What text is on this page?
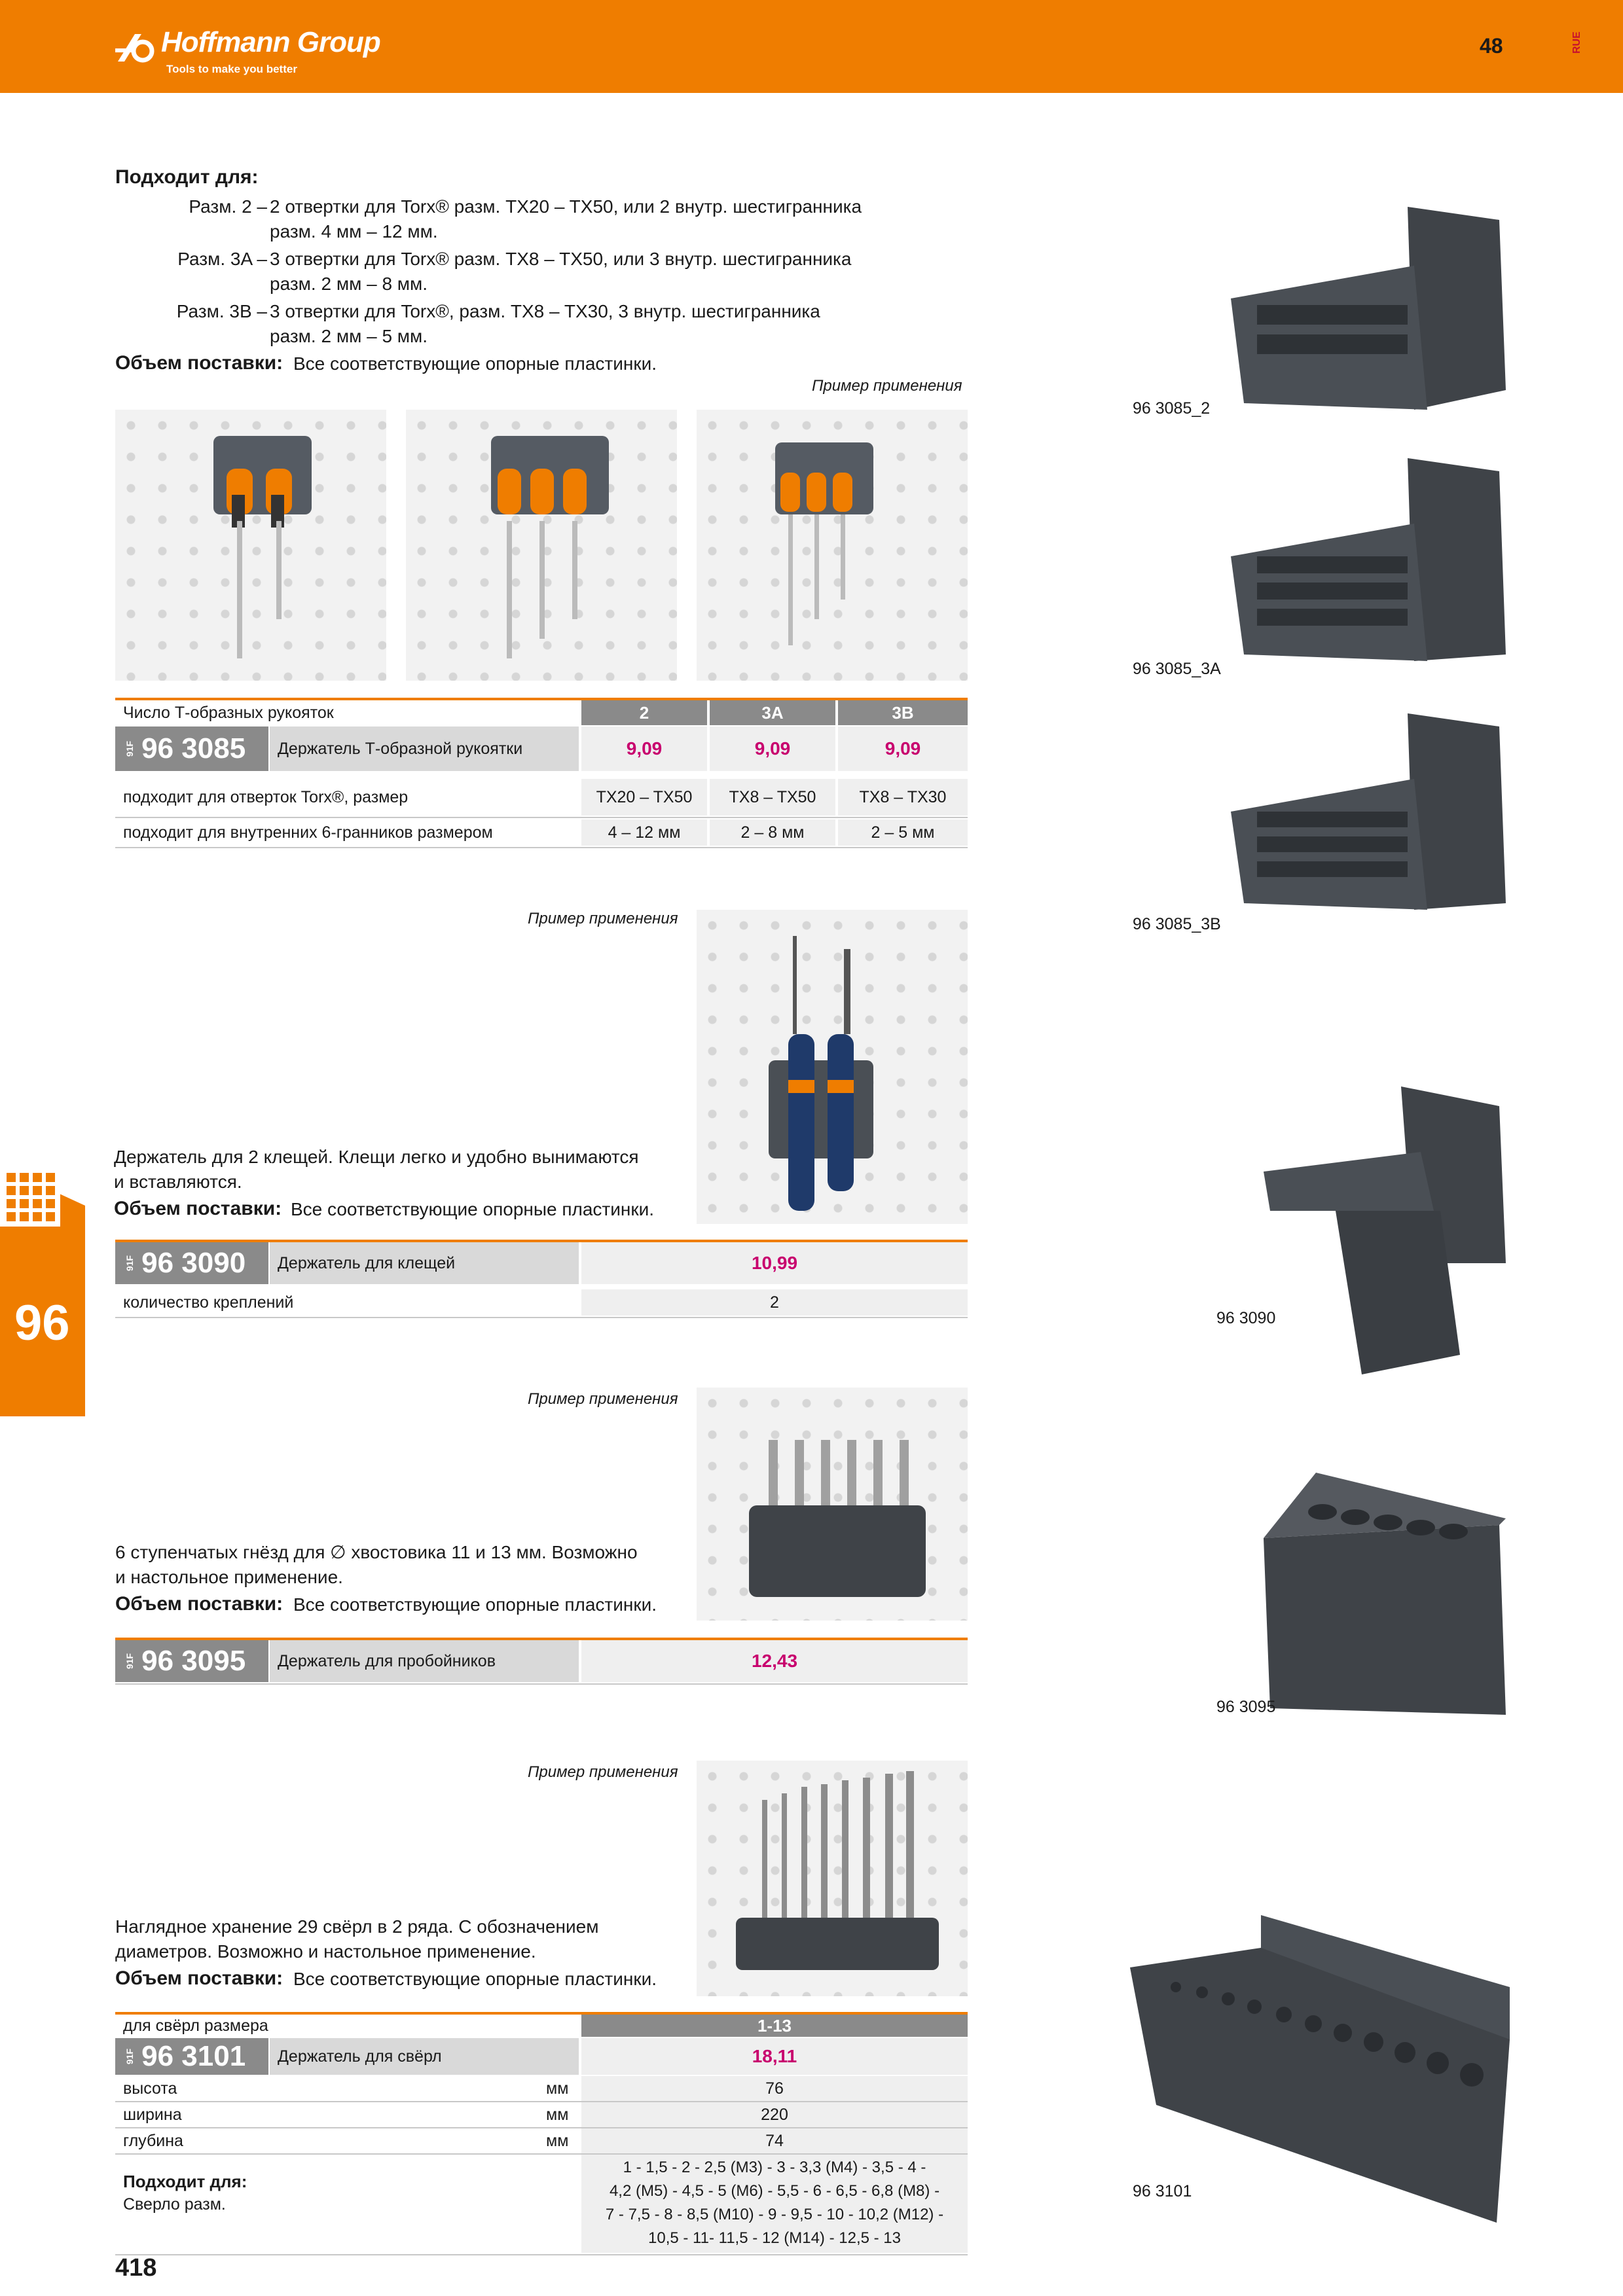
Hoffmann Group
Tools to make you better
48	RUE
96
Подходит для:
Разм. 2 – 2 отвертки для Torx® разм. TX20 – TX50, или 2 внутр. шестигранника
разм. 4 мм – 12 мм.
Разм. 3A – 3 отвертки для Torx® разм. TX8 – TX50, или 3 внутр. шестигранника
разм. 2 мм – 8 мм.
Разм. 3B – 3 отвертки для Torx®, разм. TX8 – TX30, 3 внутр. шестигранника
разм. 2 мм – 5 мм.
Объем поставки: Все соответствующие опорные пластинки.
Пример применения
Число Т-образных рукояток	2	3A	3B
91F 96 3085	Держатель Т-образной рукоятки	9,09	9,09	9,09
подходит для отверток Torx®, размер	TX20 – TX50	TX8 – TX50	TX8 – TX30
подходит для внутренних 6-гранников размером	4 – 12 мм	2 – 8 мм	2 – 5 мм
96 3085_2
96 3085_3A
96 3085_3B
Пример применения
Держатель для 2 клещей. Клещи легко и удобно вынимаются
и вставляются.
Объем поставки: Все соответствующие опорные пластинки.
91F 96 3090	Держатель для клещей	10,99
количество креплений	2
96 3090
Пример применения
6 ступенчатых гнёзд для ∅ хвостовика 11 и 13 мм. Возможно
и настольное применение.
Объем поставки: Все соответствующие опорные пластинки.
91F 96 3095	Держатель для пробойников	12,43
96 3095
Пример применения
Наглядное хранение 29 свёрл в 2 ряда. С обозначением
диаметров. Возможно и настольное применение.
Объем поставки: Все соответствующие опорные пластинки.
для свёрл размера	1-13
91F 96 3101	Держатель для свёрл	18,11
высота	мм	76
ширина	мм	220
глубина	мм	74
Подходит для:
Сверло разм.
1 - 1,5 - 2 - 2,5 (M3) - 3 - 3,3 (M4) - 3,5 - 4 -
4,2 (M5) - 4,5 - 5 (M6) - 5,5 - 6 - 6,5 - 6,8 (M8) -
7 - 7,5 - 8 - 8,5 (M10) - 9 - 9,5 - 10 - 10,2 (M12) -
10,5 - 11- 11,5 - 12 (M14) - 12,5 - 13
96 3101
418
